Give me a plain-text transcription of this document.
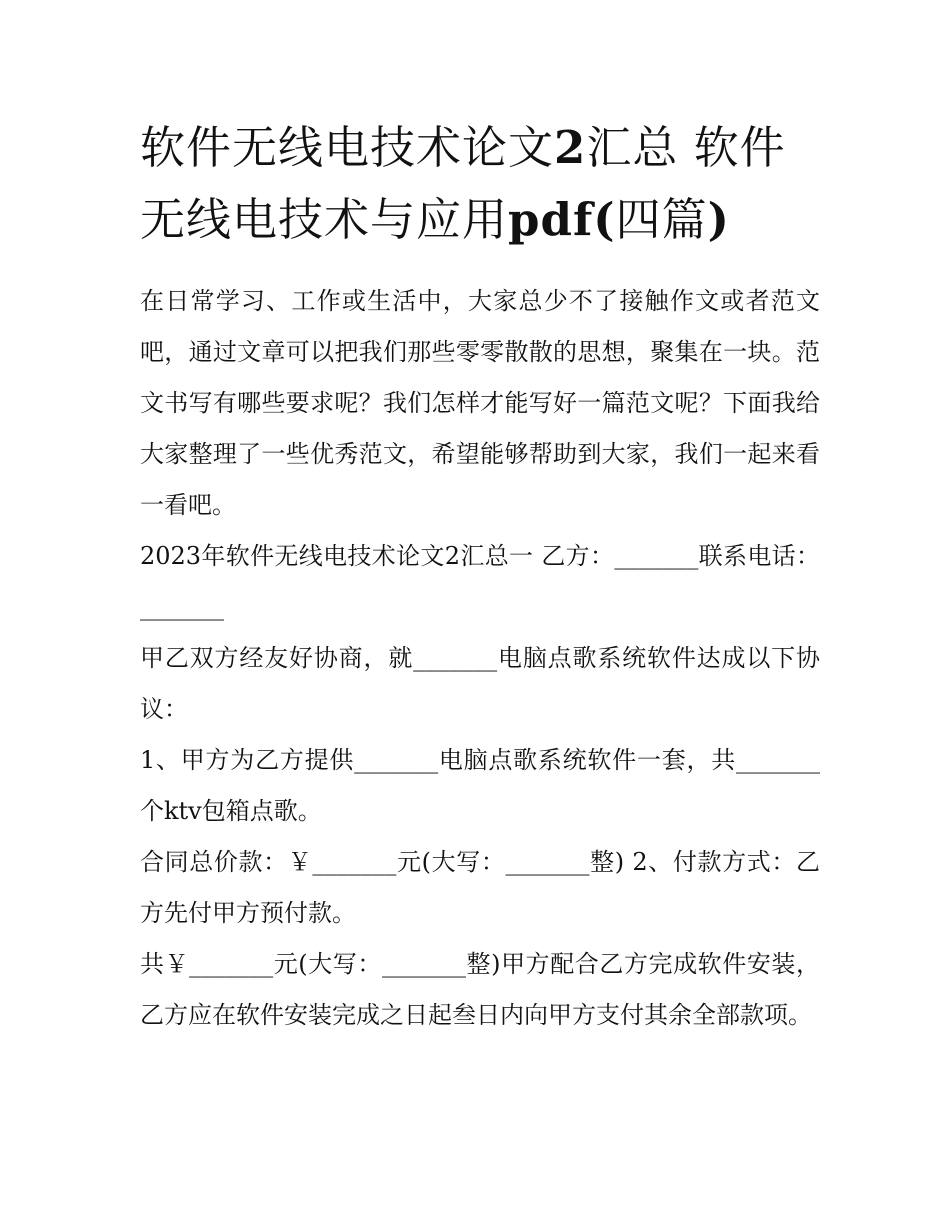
软件无线电技术论文2汇总 软件无线电技术与应用pdf(四篇)

在日常学习、工作或生活中，大家总少不了接触作文或者范文吧，通过文章可以把我们那些零零散散的思想，聚集在一块。范文书写有哪些要求呢？我们怎样才能写好一篇范文呢？下面我给大家整理了一些优秀范文，希望能够帮助到大家，我们一起来看一看吧。

2023年软件无线电技术论文2汇总一 乙方：_______联系电话：_______

甲乙双方经友好协商，就_______电脑点歌系统软件达成以下协议：

1、甲方为乙方提供_______电脑点歌系统软件一套，共_______个ktv包箱点歌。

合同总价款：￥_______元(大写：_______整) 2、付款方式：乙方先付甲方预付款。

共￥_______元(大写：_______整)甲方配合乙方完成软件安装，乙方应在软件安装完成之日起叁日内向甲方支付其余全部款项。
